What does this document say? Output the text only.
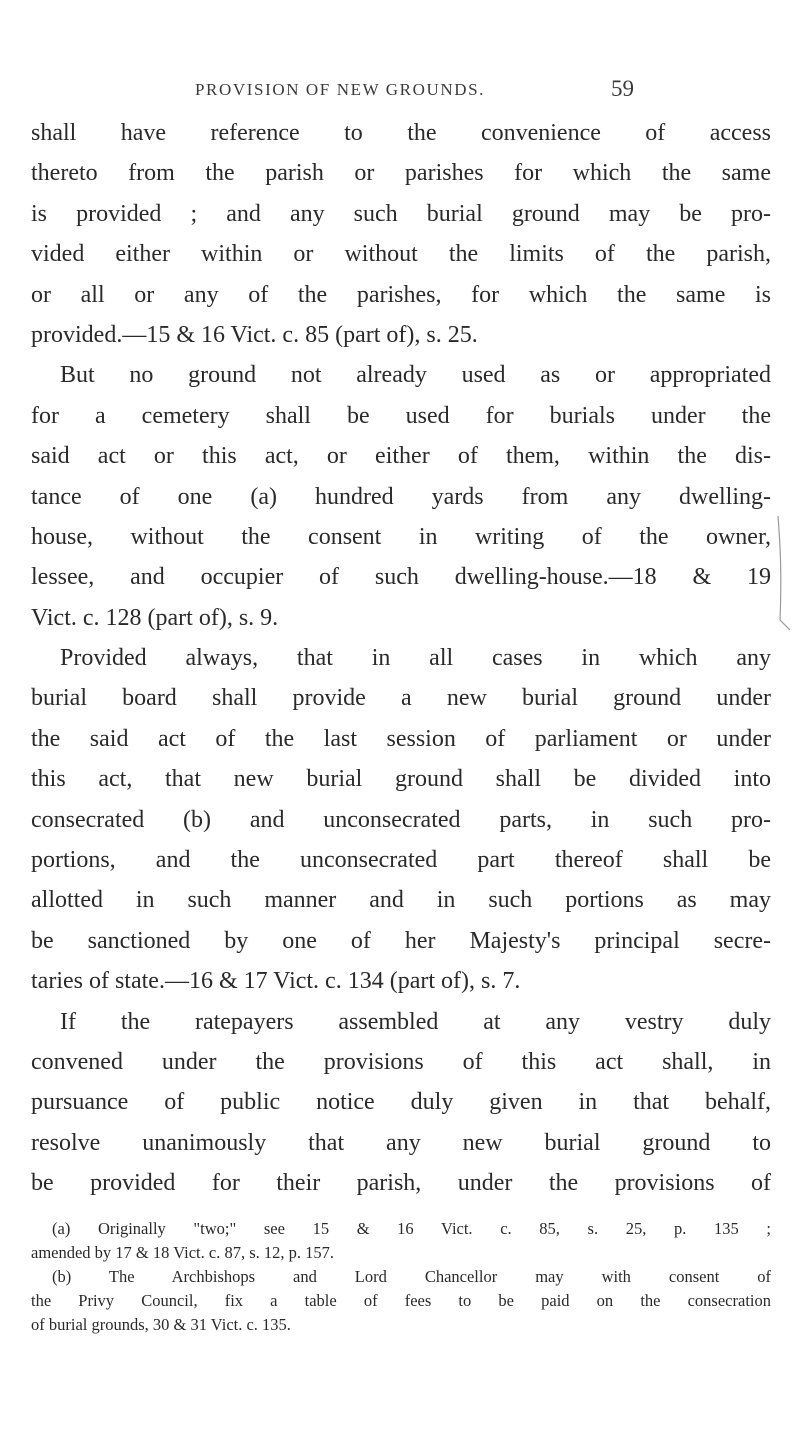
PROVISION OF NEW GROUNDS.	59
shall have reference to the convenience of access
thereto from the parish or parishes for which the same
is provided ; and any such burial ground may be pro-
vided either within or without the limits of the parish,
or all or any of the parishes, for which the same is
provided.—15 & 16 Vict. c. 85 (part of), s. 25.
But no ground not already used as or appropriated
for a cemetery shall be used for burials under the
said act or this act, or either of them, within the dis-
tance of one (a) hundred yards from any dwelling-
house, without the consent in writing of the owner,
lessee, and occupier of such dwelling-house.—18 & 19
Vict. c. 128 (part of), s. 9.
Provided always, that in all cases in which any
burial board shall provide a new burial ground under
the said act of the last session of parliament or under
this act, that new burial ground shall be divided into
consecrated (b) and unconsecrated parts, in such pro-
portions, and the unconsecrated part thereof shall be
allotted in such manner and in such portions as may
be sanctioned by one of her Majesty's principal secre-
taries of state.—16 & 17 Vict. c. 134 (part of), s. 7.
If the ratepayers assembled at any vestry duly
convened under the provisions of this act shall, in
pursuance of public notice duly given in that behalf,
resolve unanimously that any new burial ground to
be provided for their parish, under the provisions of
(a) Originally "two;" see 15 & 16 Vict. c. 85, s. 25, p. 135 ;
amended by 17 & 18 Vict. c. 87, s. 12, p. 157.
(b) The Archbishops and Lord Chancellor may with consent of
the Privy Council, fix a table of fees to be paid on the consecration
of burial grounds, 30 & 31 Vict. c. 135.
